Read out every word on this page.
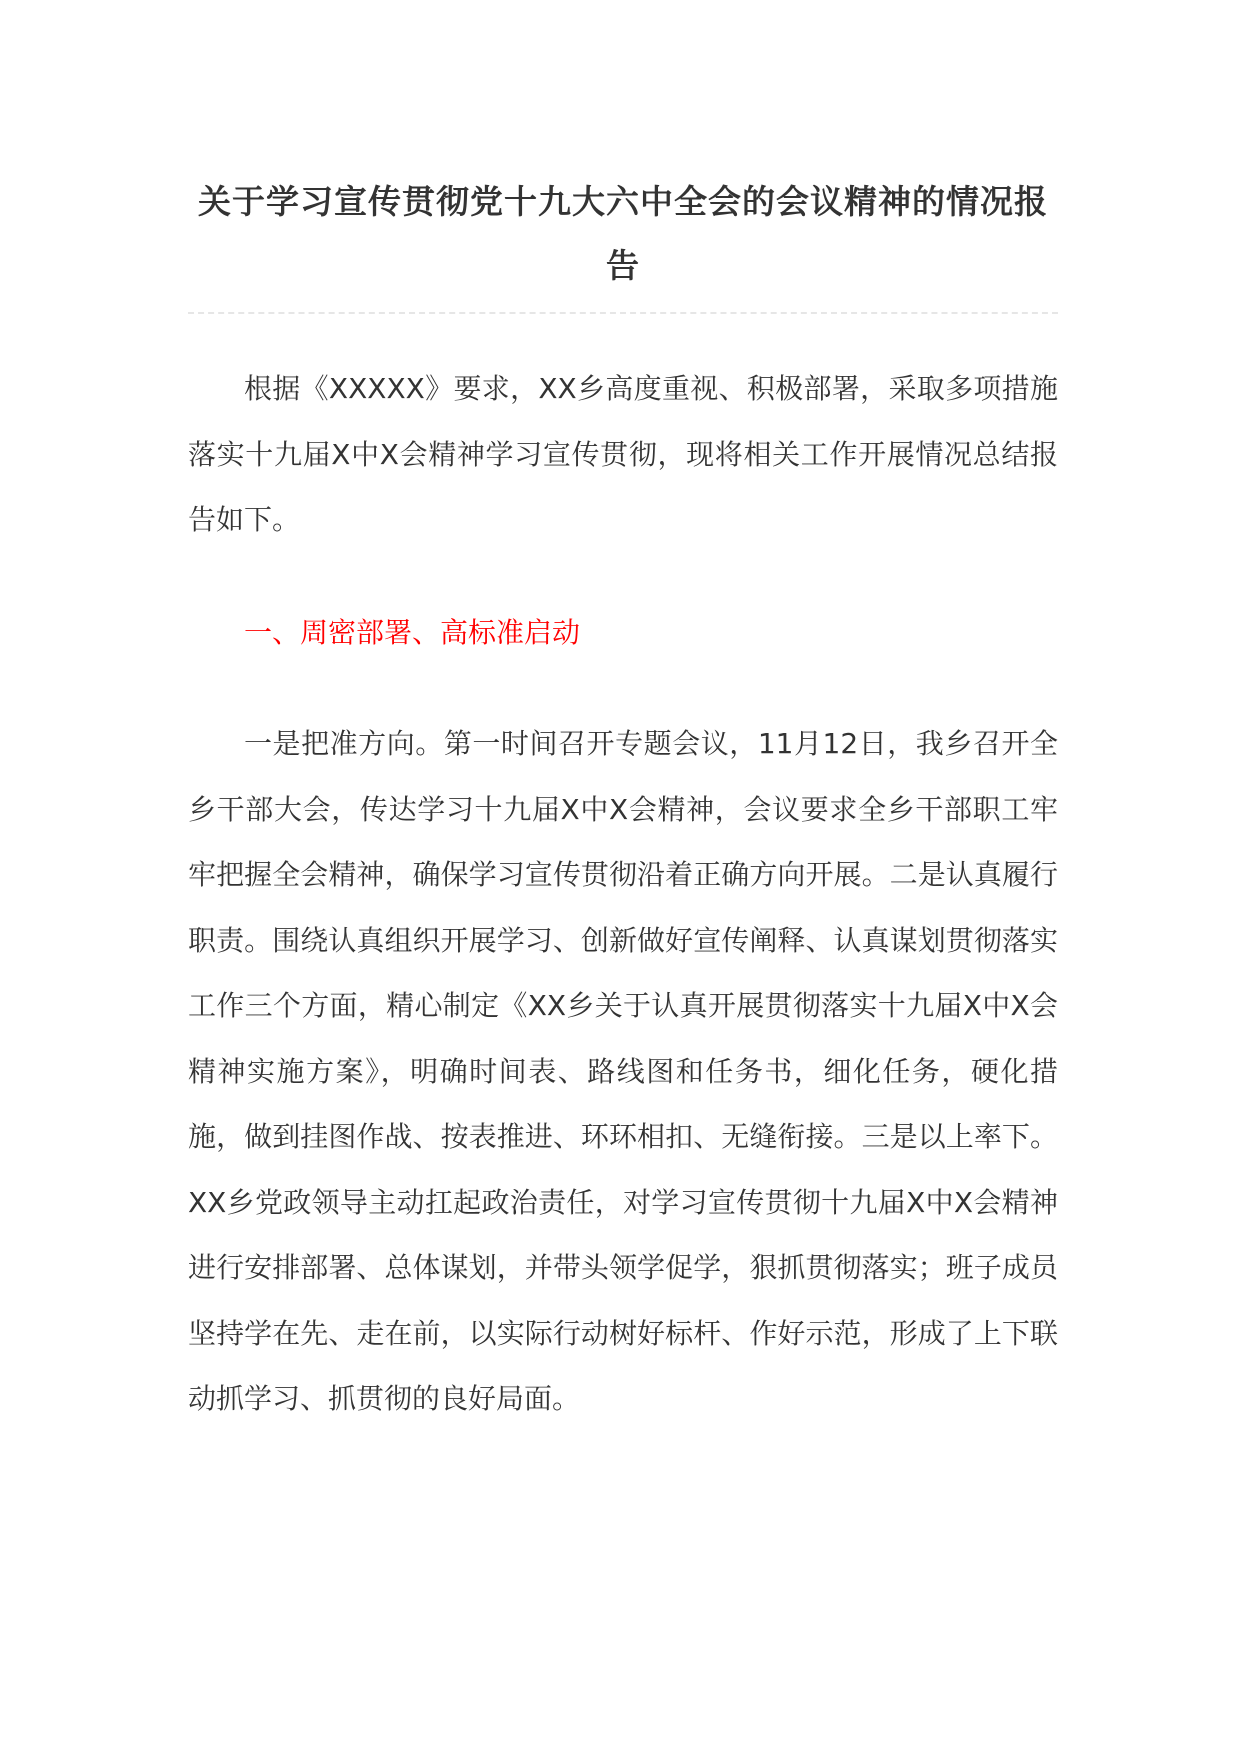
关于学习宣传贯彻党十九大六中全会的会议精神的情况报告

根据《XXXXX》要求，XX乡高度重视、积极部署，采取多项措施落实十九届X中X会精神学习宣传贯彻，现将相关工作开展情况总结报告如下。

一、周密部署、高标准启动

一是把准方向。第一时间召开专题会议，11月12日，我乡召开全乡干部大会，传达学习十九届X中X会精神，会议要求全乡干部职工牢牢把握全会精神，确保学习宣传贯彻沿着正确方向开展。二是认真履行职责。围绕认真组织开展学习、创新做好宣传阐释、认真谋划贯彻落实工作三个方面，精心制定《XX乡关于认真开展贯彻落实十九届X中X会精神实施方案》，明确时间表、路线图和任务书，细化任务，硬化措施，做到挂图作战、按表推进、环环相扣、无缝衔接。三是以上率下。XX乡党政领导主动扛起政治责任，对学习宣传贯彻十九届X中X会精神进行安排部署、总体谋划，并带头领学促学，狠抓贯彻落实；班子成员坚持学在先、走在前，以实际行动树好标杆、作好示范，形成了上下联动抓学习、抓贯彻的良好局面。
